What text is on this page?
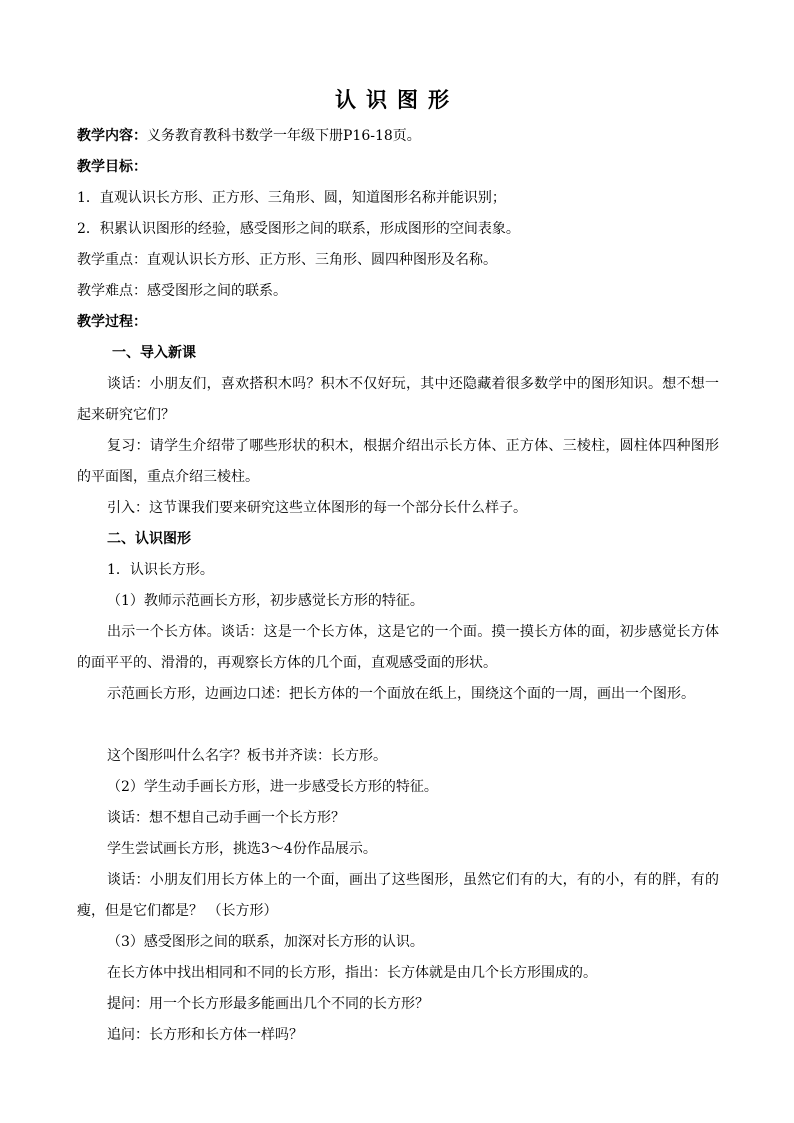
认识图形
教学内容：义务教育教科书数学一年级下册P16-18页。
教学目标：
1．直观认识长方形、正方形、三角形、圆，知道图形名称并能识别；
2．积累认识图形的经验，感受图形之间的联系，形成图形的空间表象。
教学重点：直观认识长方形、正方形、三角形、圆四种图形及名称。
教学难点：感受图形之间的联系。
教学过程：
一、导入新课
谈话：小朋友们，喜欢搭积木吗？积木不仅好玩，其中还隐藏着很多数学中的图形知识。想不想一起来研究它们？
复习：请学生介绍带了哪些形状的积木，根据介绍出示长方体、正方体、三棱柱，圆柱体四种图形的平面图，重点介绍三棱柱。
引入：这节课我们要来研究这些立体图形的每一个部分长什么样子。
二、认识图形
1．认识长方形。
（1）教师示范画长方形，初步感觉长方形的特征。
出示一个长方体。谈话：这是一个长方体，这是它的一个面。摸一摸长方体的面，初步感觉长方体的面平平的、滑滑的，再观察长方体的几个面，直观感受面的形状。
示范画长方形，边画边口述：把长方体的一个面放在纸上，围绕这个面的一周，画出一个图形。
这个图形叫什么名字？板书并齐读：长方形。
（2）学生动手画长方形，进一步感受长方形的特征。
谈话：想不想自己动手画一个长方形？
学生尝试画长方形，挑选3～4份作品展示。
谈话：小朋友们用长方体上的一个面，画出了这些图形，虽然它们有的大，有的小，有的胖，有的瘦，但是它们都是？ （长方形）
（3）感受图形之间的联系，加深对长方形的认识。
在长方体中找出相同和不同的长方形，指出：长方体就是由几个长方形围成的。
提问：用一个长方形最多能画出几个不同的长方形？
追问：长方形和长方体一样吗？
